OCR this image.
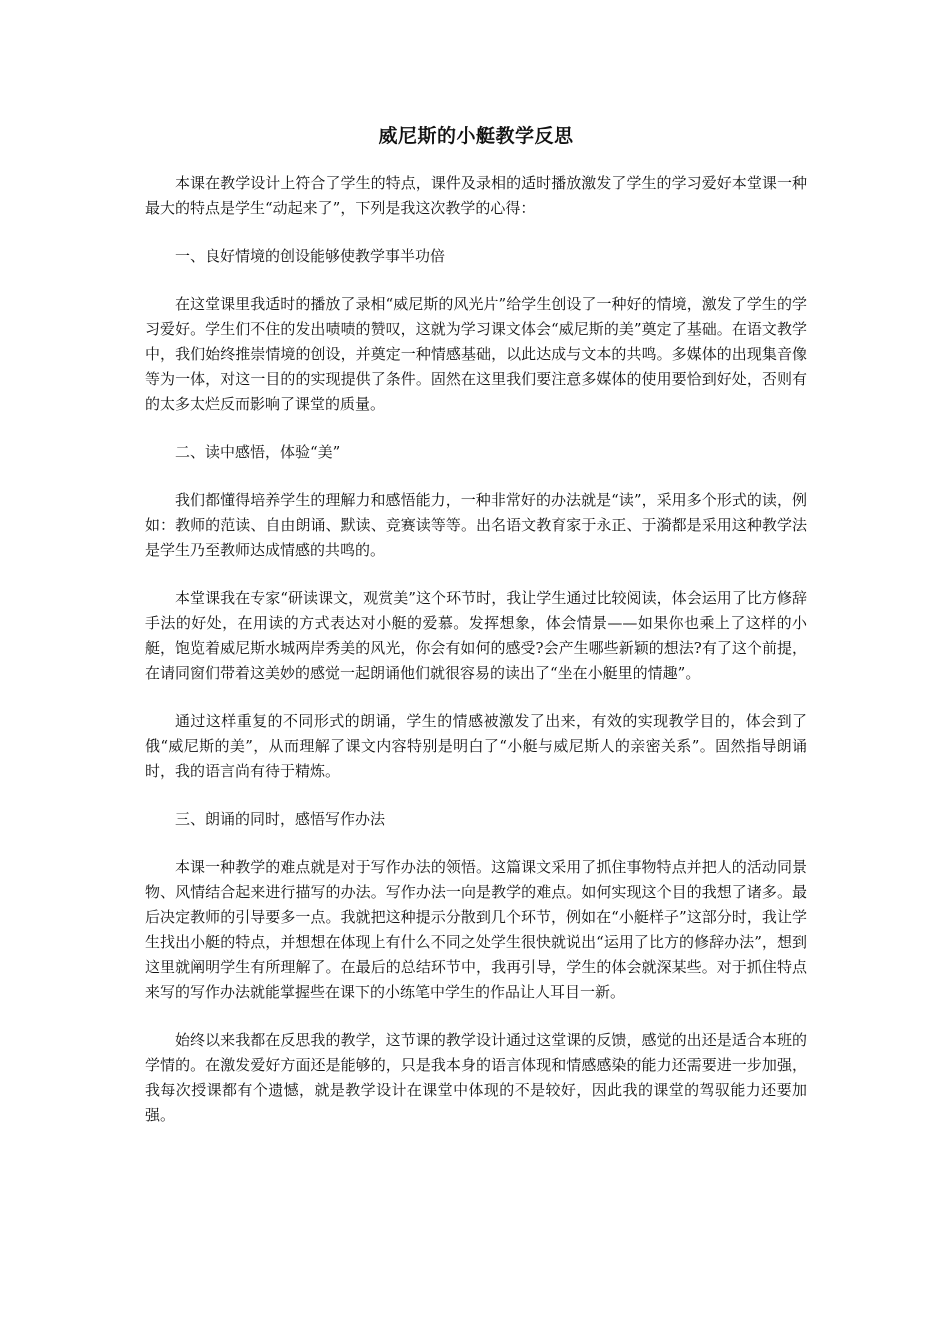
威尼斯的小艇教学反思

本课在教学设计上符合了学生的特点，课件及录相的适时播放激发了学生的学习爱好本堂课一种最大的特点是学生“动起来了”，下列是我这次教学的心得：

一、良好情境的创设能够使教学事半功倍

在这堂课里我适时的播放了录相“威尼斯的风光片”给学生创设了一种好的情境，激发了学生的学习爱好。学生们不住的发出啧啧的赞叹，这就为学习课文体会“威尼斯的美”奠定了基础。在语文教学中，我们始终推崇情境的创设，并奠定一种情感基础，以此达成与文本的共鸣。多媒体的出现集音像等为一体，对这一目的的实现提供了条件。固然在这里我们要注意多媒体的使用要恰到好处，否则有的太多太烂反而影响了课堂的质量。

二、读中感悟，体验“美”

我们都懂得培养学生的理解力和感悟能力，一种非常好的办法就是“读”，采用多个形式的读，例如：教师的范读、自由朗诵、默读、竞赛读等等。出名语文教育家于永正、于漪都是采用这种教学法是学生乃至教师达成情感的共鸣的。

本堂课我在专家“研读课文，观赏美”这个环节时，我让学生通过比较阅读，体会运用了比方修辞手法的好处，在用读的方式表达对小艇的爱慕。发挥想象，体会情景——如果你也乘上了这样的小艇，饱览着威尼斯水城两岸秀美的风光，你会有如何的感受?会产生哪些新颖的想法?有了这个前提，在请同窗们带着这美妙的感觉一起朗诵他们就很容易的读出了“坐在小艇里的情趣”。

通过这样重复的不同形式的朗诵，学生的情感被激发了出来，有效的实现教学目的，体会到了俄“威尼斯的美”，从而理解了课文内容特别是明白了“小艇与威尼斯人的亲密关系”。固然指导朗诵时，我的语言尚有待于精炼。

三、朗诵的同时，感悟写作办法

本课一种教学的难点就是对于写作办法的领悟。这篇课文采用了抓住事物特点并把人的活动同景物、风情结合起来进行描写的办法。写作办法一向是教学的难点。如何实现这个目的我想了诸多。最后决定教师的引导要多一点。我就把这种提示分散到几个环节，例如在“小艇样子”这部分时，我让学生找出小艇的特点，并想想在体现上有什么不同之处学生很快就说出“运用了比方的修辞办法”，想到这里就阐明学生有所理解了。在最后的总结环节中，我再引导，学生的体会就深某些。对于抓住特点来写的写作办法就能掌握些在课下的小练笔中学生的作品让人耳目一新。

始终以来我都在反思我的教学，这节课的教学设计通过这堂课的反馈，感觉的出还是适合本班的学情的。在激发爱好方面还是能够的，只是我本身的语言体现和情感感染的能力还需要进一步加强，我每次授课都有个遗憾，就是教学设计在课堂中体现的不是较好，因此我的课堂的驾驭能力还要加强。
